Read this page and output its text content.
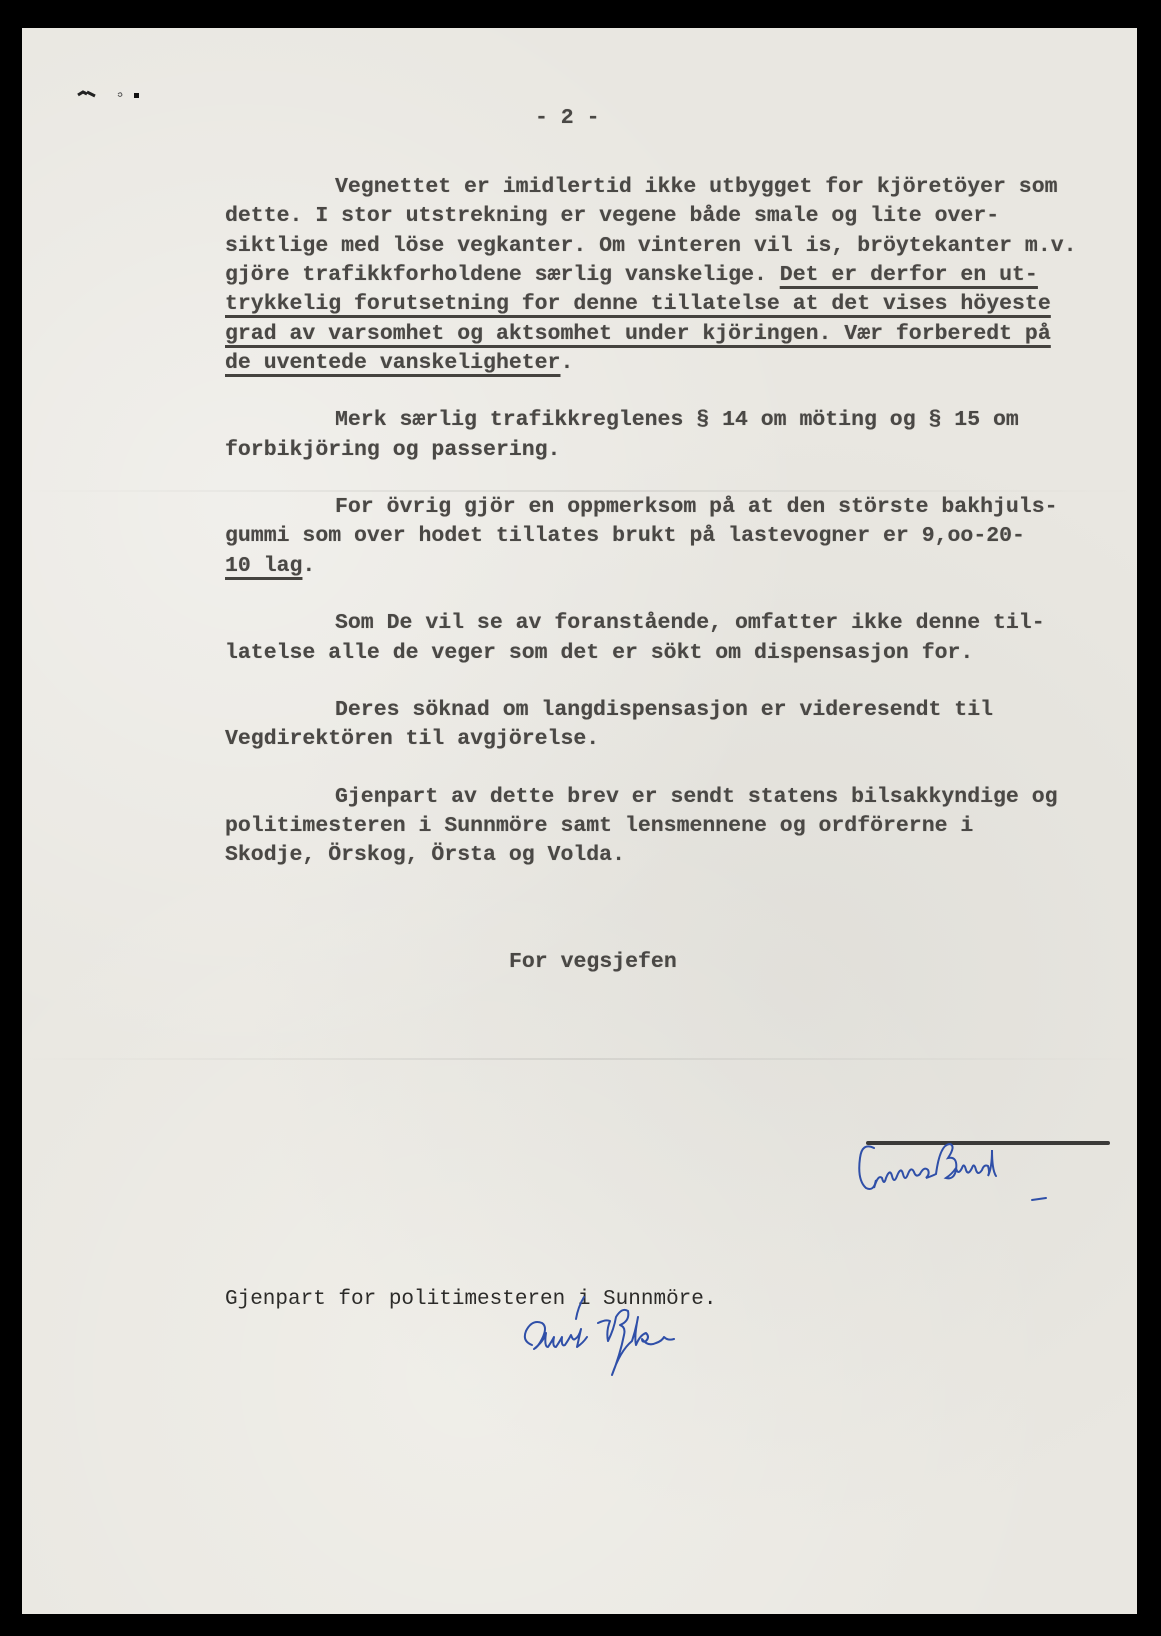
- 2 -
Vegnettet er imidlertid ikke utbygget for kjöretöyer som
dette. I stor utstrekning er vegene både smale og lite over-
siktlige med löse vegkanter. Om vinteren vil is, bröytekanter m.v.
gjöre trafikkforholdene særlig vanskelige. Det er derfor en ut-
trykkelig forutsetning for denne tillatelse at det vises höyeste
grad av varsomhet og aktsomhet under kjöringen. Vær forberedt på
de uventede vanskeligheter.
Merk særlig trafikkreglenes § 14 om möting og § 15 om
forbikjöring og passering.
For övrig gjör en oppmerksom på at den störste bakhjuls-
gummi som over hodet tillates brukt på lastevogner er 9,oo-20-
10 lag.
Som De vil se av foranstående, omfatter ikke denne til-
latelse alle de veger som det er sökt om dispensasjon for.
Deres söknad om langdispensasjon er videresendt til
Vegdirektören til avgjörelse.
Gjenpart av dette brev er sendt statens bilsakkyndige og
politimesteren i Sunnmöre samt lensmennene og ordförerne i
Skodje, Örskog, Örsta og Volda.
For vegsjefen
Gjenpart for politimesteren i Sunnmöre.
